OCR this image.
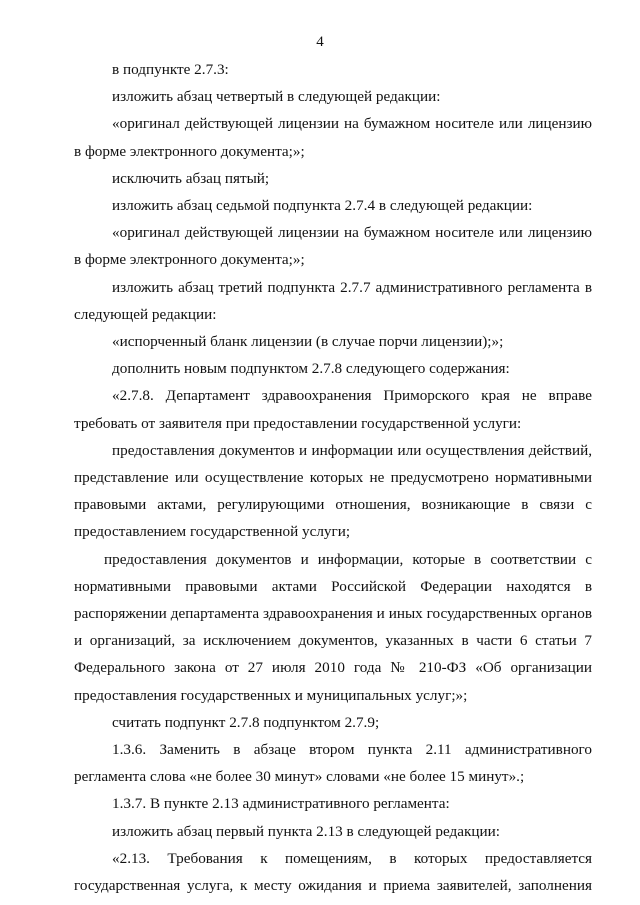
4

в подпункте 2.7.3:

изложить абзац четвертый в следующей редакции:

«оригинал действующей лицензии на бумажном носителе или лицензию в форме электронного документа;»;

исключить абзац пятый;

изложить абзац седьмой подпункта 2.7.4 в следующей редакции:

«оригинал действующей лицензии на бумажном носителе или лицензию в форме электронного документа;»;

изложить абзац третий подпункта 2.7.7 административного регламента в следующей редакции:

«испорченный бланк лицензии (в случае порчи лицензии);»;

дополнить новым подпунктом 2.7.8 следующего содержания:

«2.7.8. Департамент здравоохранения Приморского края не вправе требовать от заявителя при предоставлении государственной услуги:

предоставления документов и информации или осуществления действий, представление или осуществление которых не предусмотрено нормативными правовыми актами, регулирующими отношения, возникающие в связи с предоставлением государственной услуги;

предоставления документов и информации, которые в соответствии с нормативными правовыми актами Российской Федерации находятся в распоряжении департамента здравоохранения и иных государственных органов и организаций, за исключением документов, указанных в части 6 статьи 7 Федерального закона от 27 июля 2010 года № 210-ФЗ «Об организации предоставления государственных и муниципальных услуг;»;

считать подпункт 2.7.8 подпунктом 2.7.9;

1.3.6. Заменить в абзаце втором пункта 2.11 административного регламента слова «не более 30 минут» словами «не более 15 минут».;

1.3.7. В пункте 2.13 административного регламента:

изложить абзац первый пункта 2.13 в следующей редакции:

«2.13. Требования к помещениям, в которых предоставляется государственная услуга, к месту ожидания и приема заявителей, заполнения
